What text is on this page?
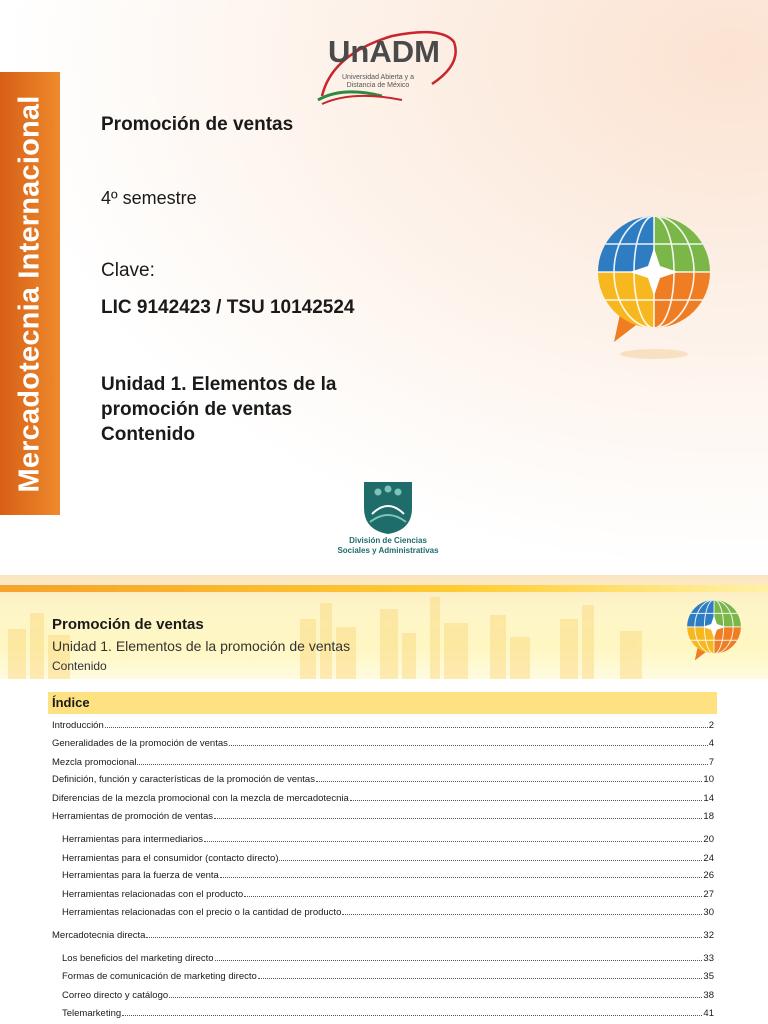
Mercadotecnia Internacional
UnADM
Universidad Abierta y a
Distancia de México
Promoción de ventas
4º semestre
Clave:
LIC 9142423 / TSU 10142524
Unidad 1. Elementos de la
promoción de ventas
Contenido
División de Ciencias
Sociales y Administrativas
Promoción de ventas
Unidad 1. Elementos de la promoción de ventas
Contenido
Índice
Introducción	2
Generalidades de la promoción de ventas	4
Mezcla promocional	7
Definición, función y características de la promoción de ventas	10
Diferencias de la mezcla promocional con la mezcla de mercadotecnia	14
Herramientas de promoción de ventas	18
Herramientas para intermediarios	20
Herramientas para el consumidor (contacto directo)	24
Herramientas para la fuerza de venta	26
Herramientas relacionadas con el producto	27
Herramientas relacionadas con el precio o la cantidad de producto	30
Mercadotecnia directa	32
Los beneficios del marketing directo	33
Formas de comunicación de marketing directo	35
Correo directo y catálogo	38
Telemarketing	41
